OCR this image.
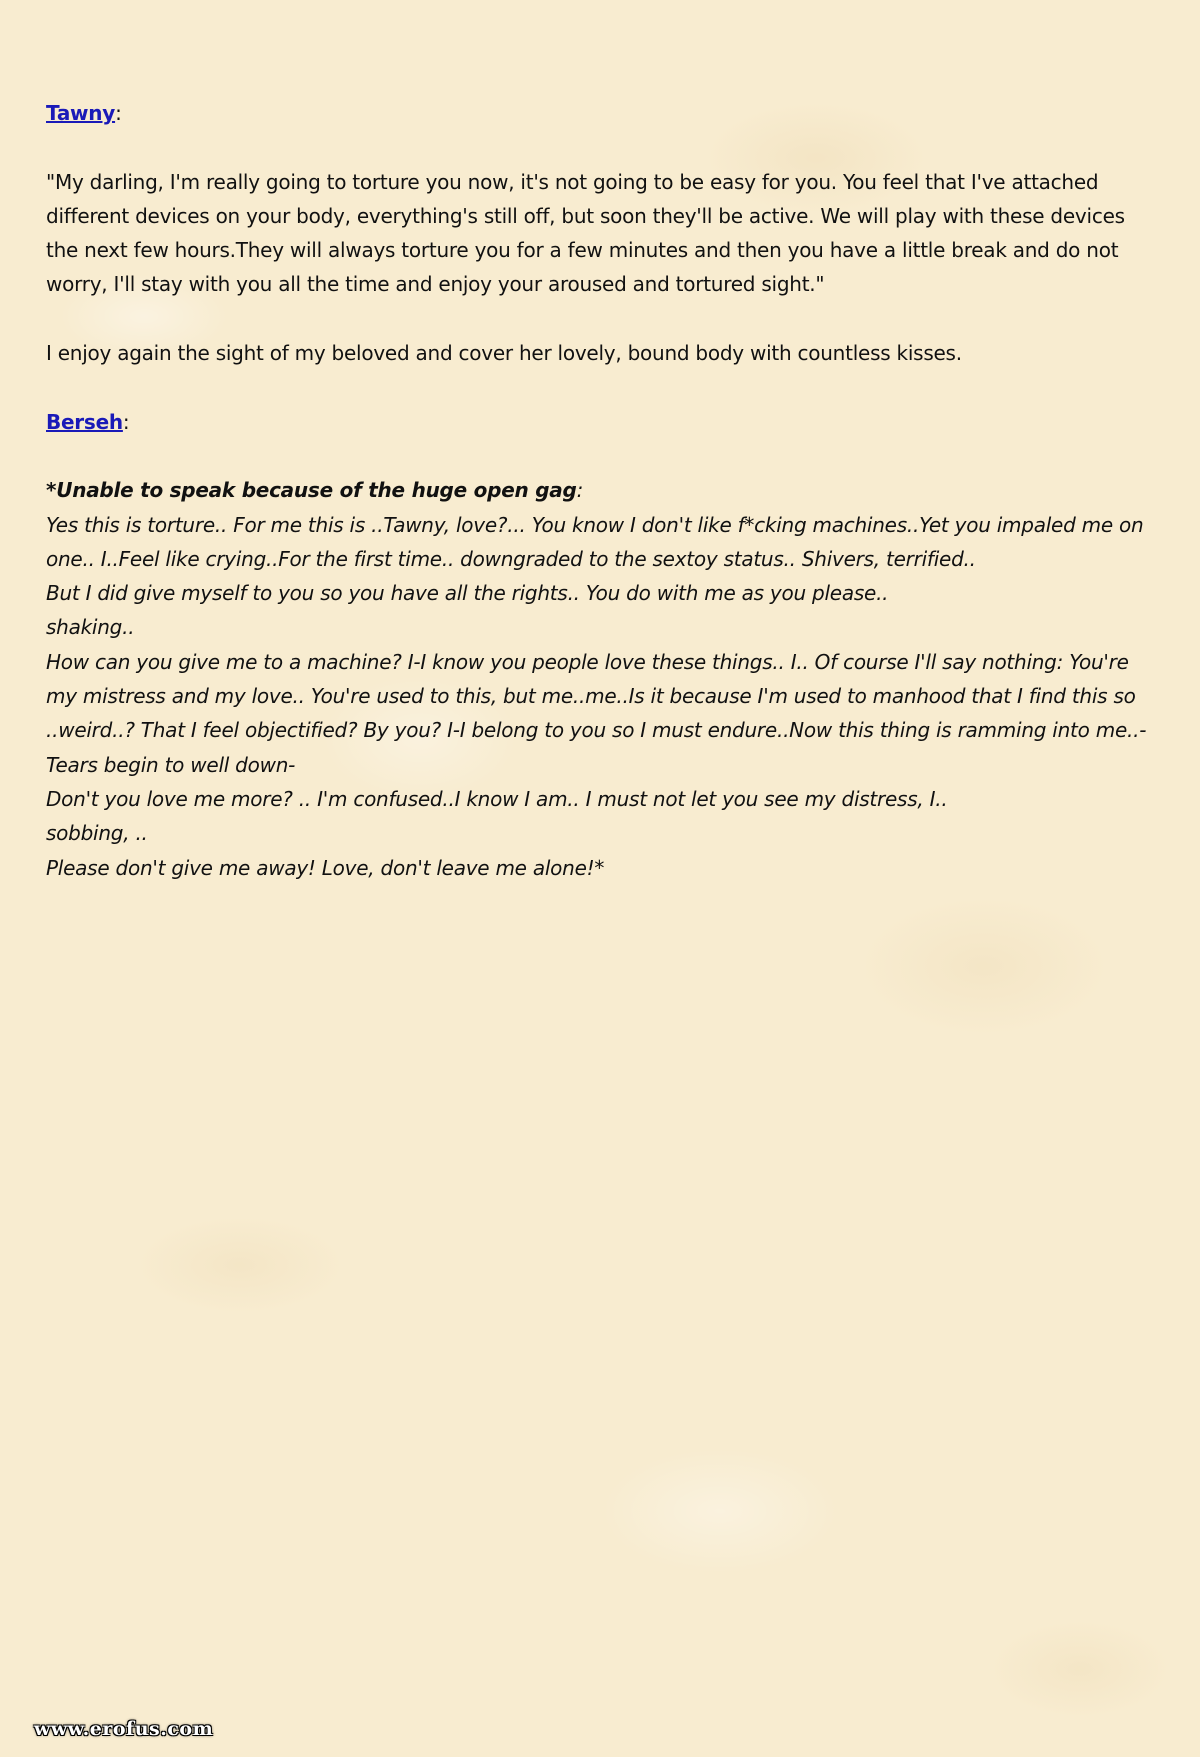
Tawny:

"My darling, I'm really going to torture you now, it's not going to be easy for you. You feel that I've attached different devices on your body, everything's still off, but soon they'll be active. We will play with these devices the next few hours.They will always torture you for a few minutes and then you have a little break and do not worry, I'll stay with you all the time and enjoy your aroused and tortured sight."

I enjoy again the sight of my beloved and cover her lovely, bound body with countless kisses.

Berseh:

*Unable to speak because of the huge open gag:

Yes this is torture.. For me this is ..Tawny, love?... You know I don't like f*cking machines..Yet you impaled me on one.. I..Feel like crying..For the first time.. downgraded to the sextoy status.. Shivers, terrified..

But I did give myself to you so you have all the rights.. You do with me as you please..

shaking..

How can you give me to a machine? I-I know you people love these things.. I.. Of course I'll say nothing: You're my mistress and my love.. You're used to this, but me..me..Is it because I'm used to manhood that I find this so ..weird..? That I feel objectified? By you? I-I belong to you so I must endure..Now this thing is ramming into me..- Tears begin to well down-

Don't you love me more? .. I'm confused..I know I am.. I must not let you see my distress, I..

sobbing, ..

Please don't give me away! Love, don't leave me alone!*

www.erofus.com
